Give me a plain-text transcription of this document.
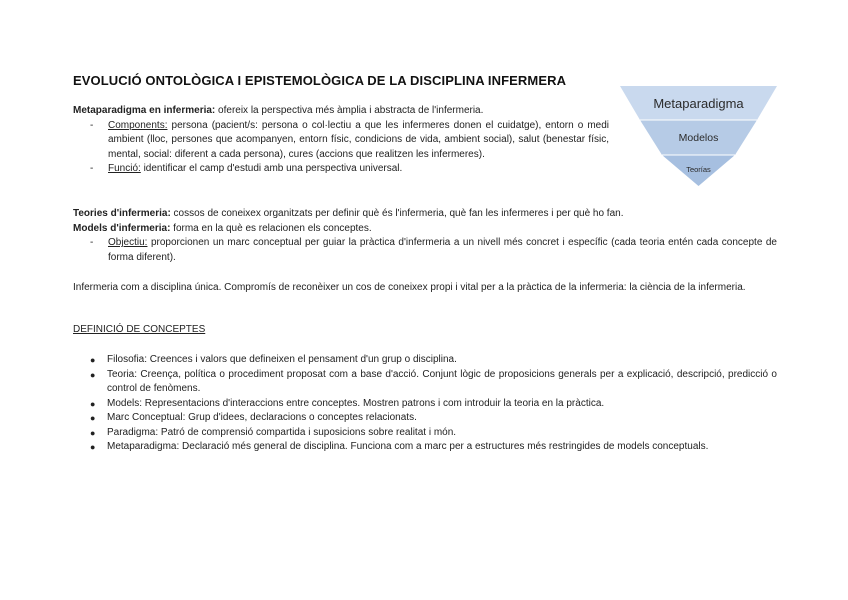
EVOLUCIÓ ONTOLÒGICA I EPISTEMOLÒGICA DE LA DISCIPLINA INFERMERA
Metaparadigma en infermeria: ofereix la perspectiva més àmplia i abstracta de l'infermeria.
- Components: persona (pacient/s: persona o col·lectiu a que les infermeres donen el cuidatge), entorn o medi ambient (lloc, persones que acompanyen, entorn físic, condicions de vida, ambient social), salut (benestar físic, mental, social: diferent a cada persona), cures (accions que realitzen les infermeres).
- Funció: identificar el camp d'estudi amb una perspectiva universal.
Metaparadigma
Modelos
Teorías
Teories d'infermeria: cossos de coneixex organitzats per definir què és l'infermeria, què fan les infermeres i per què ho fan.
Models d'infermeria: forma en la què es relacionen els conceptes.
- Objectiu: proporcionen un marc conceptual per guiar la pràctica d'infermeria a un nivell més concret i específic (cada teoria entén cada concepte de forma diferent).
Infermeria com a disciplina única. Compromís de reconèixer un cos de coneixex propi i vital per a la pràctica de la infermeria: la ciència de la infermeria.
DEFINICIÓ DE CONCEPTES
● Filosofia: Creences i valors que defineixen el pensament d'un grup o disciplina.
● Teoria: Creença, política o procediment proposat com a base d'acció. Conjunt lògic de proposicions generals per a explicació, descripció, predicció o control de fenòmens.
● Models: Representacions d'interaccions entre conceptes. Mostren patrons i com introduir la teoria en la pràctica.
● Marc Conceptual: Grup d'idees, declaracions o conceptes relacionats.
● Paradigma: Patró de comprensió compartida i suposicions sobre realitat i món.
● Metaparadigma: Declaració més general de disciplina. Funciona com a marc per a estructures més restringides de models conceptuals.
